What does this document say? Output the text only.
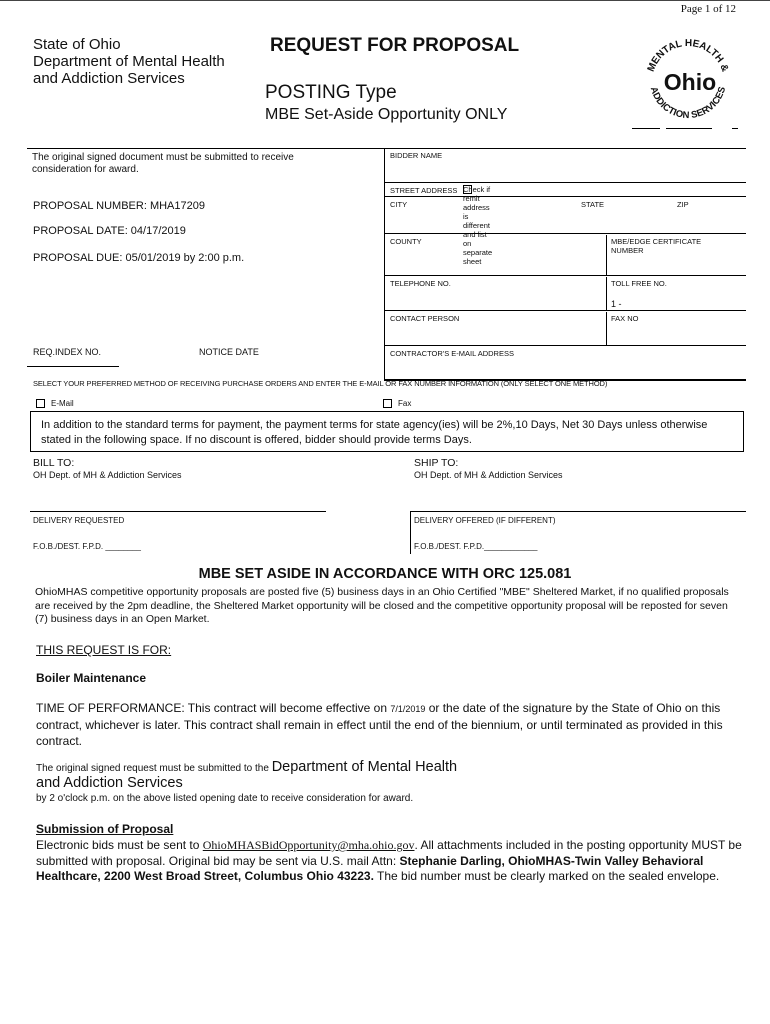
Page 1 of 12
State of Ohio
Department of Mental Health
and Addiction Services
REQUEST FOR PROPOSAL
POSTING Type
MBE Set-Aside Opportunity ONLY
MENTAL HEALTH &
Ohio
ADDICTION SERVICES
The original signed document must be submitted to receive consideration for award.
PROPOSAL NUMBER: MHA17209
PROPOSAL DATE: 04/17/2019
PROPOSAL DUE: 05/01/2019 by 2:00 p.m.
REQ.INDEX NO.	NOTICE DATE
BIDDER NAME
STREET ADDRESS Check if remit address is different and list on separate sheet
CITY	STATE	ZIP
COUNTY	MBE/EDGE CERTIFICATE NUMBER
TELEPHONE NO.	TOLL FREE NO.
1 -
CONTACT PERSON	FAX NO
CONTRACTOR'S E-MAIL ADDRESS
SELECT YOUR PREFERRED METHOD OF RECEIVING PURCHASE ORDERS AND ENTER THE E-MAIL OR FAX NUMBER INFORMATION (ONLY SELECT ONE METHOD)
E-Mail	Fax
In addition to the standard terms for payment, the payment terms for state agency(ies) will be 2%,10 Days, Net 30 Days unless otherwise stated in the following space. If no discount is offered, bidder should provide terms Days.
BILL TO:
OH Dept. of MH & Addiction Services
SHIP TO:
OH Dept. of MH & Addiction Services
DELIVERY REQUESTED	DELIVERY OFFERED (IF DIFFERENT)
F.O.B./DEST. F.P.D. ________	F.O.B./DEST. F.P.D.____________
MBE SET ASIDE IN ACCORDANCE WITH ORC 125.081
OhioMHAS competitive opportunity proposals are posted five (5) business days in an Ohio Certified "MBE" Sheltered Market, if no qualified proposals are received by the 2pm deadline, the Sheltered Market opportunity will be closed and the competitive opportunity proposal will be reposted for seven (7) business days in an Open Market.
THIS REQUEST IS FOR:
Boiler Maintenance
TIME OF PERFORMANCE: This contract will become effective on 7/1/2019 or the date of the signature by the State of Ohio on this contract, whichever is later. This contract shall remain in effect until the end of the biennium, or until terminated as provided in this contract.
The original signed request must be submitted to the Department of Mental Health
and Addiction Services
by 2 o'clock p.m. on the above listed opening date to receive consideration for award.
Submission of Proposal
Electronic bids must be sent to OhioMHASBidOpportunity@mha.ohio.gov. All attachments included in the posting opportunity MUST be submitted with proposal. Original bid may be sent via U.S. mail Attn: Stephanie Darling, OhioMHAS-Twin Valley Behavioral Healthcare, 2200 West Broad Street, Columbus Ohio 43223. The bid number must be clearly marked on the sealed envelope.
